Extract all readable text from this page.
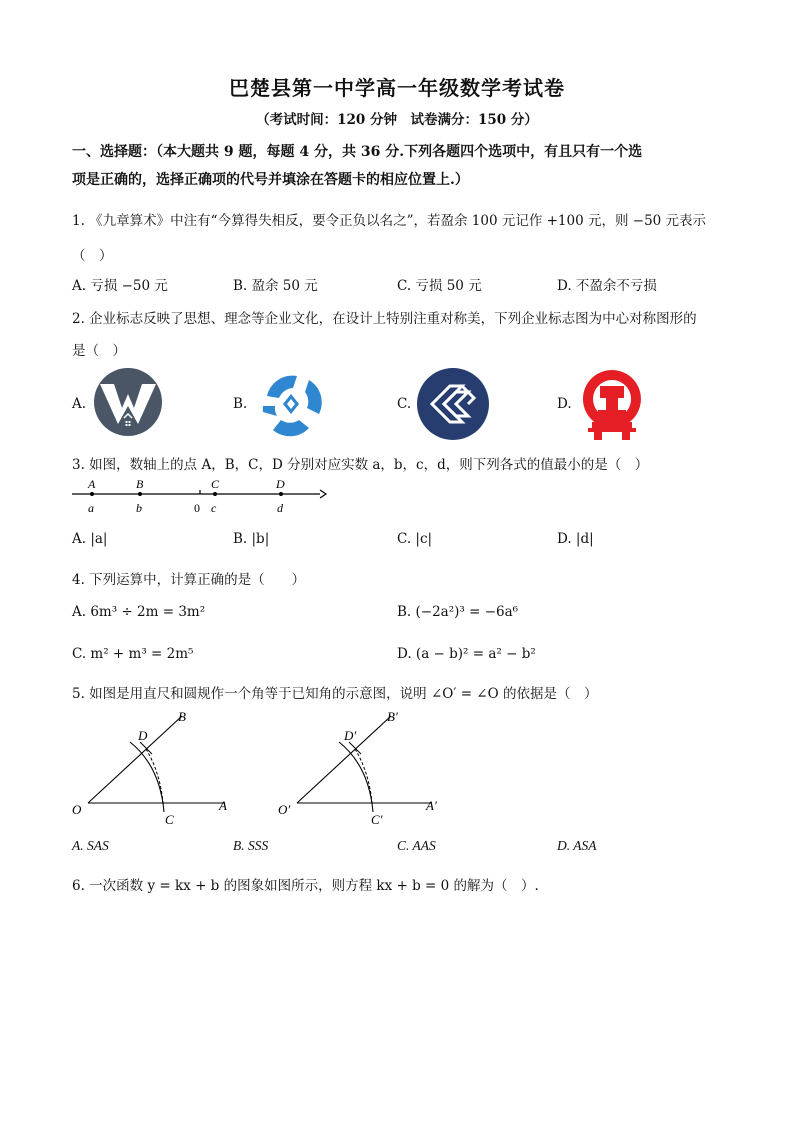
巴楚县第一中学高一年级数学考试卷
（考试时间：120 分钟　试卷满分：150 分）
一、选择题：（本大题共 9 题，每题 4 分，共 36 分.下列各题四个选项中，有且只有一个选
项是正确的，选择正确项的代号并填涂在答题卡的相应位置上.）
1. 《九章算术》中注有“今算得失相反，要令正负以名之”，若盈余 100 元记作 +100 元，则 −50 元表示
（　）
A. 亏损 −50 元	B. 盈余 50 元	C. 亏损 50 元	D. 不盈余不亏损
2. 企业标志反映了思想、理念等企业文化，在设计上特别注重对称美，下列企业标志图为中心对称图形的
是（　）
A.	B.	C.	D.
3. 如图，数轴上的点 A，B，C，D 分别对应实数 a，b，c，d，则下列各式的值最小的是（　）
A	B	C	D
a	b	0 c	d
A. |a|	B. |b|	C. |c|	D. |d|
4. 下列运算中，计算正确的是（　　）
A. 6m³ ÷ 2m = 3m²	B. (−2a²)³ = −6a⁶
C. m² + m³ = 2m⁵	D. (a − b)² = a² − b²
5. 如图是用直尺和圆规作一个角等于已知角的示意图，说明 ∠O′ = ∠O 的依据是（　）
B
D
O
C
A
B′
D′
O′
C′
A′
A. SAS	B. SSS	C. AAS	D. ASA
6. 一次函数 y = kx + b 的图象如图所示，则方程 kx + b = 0 的解为（　）.
